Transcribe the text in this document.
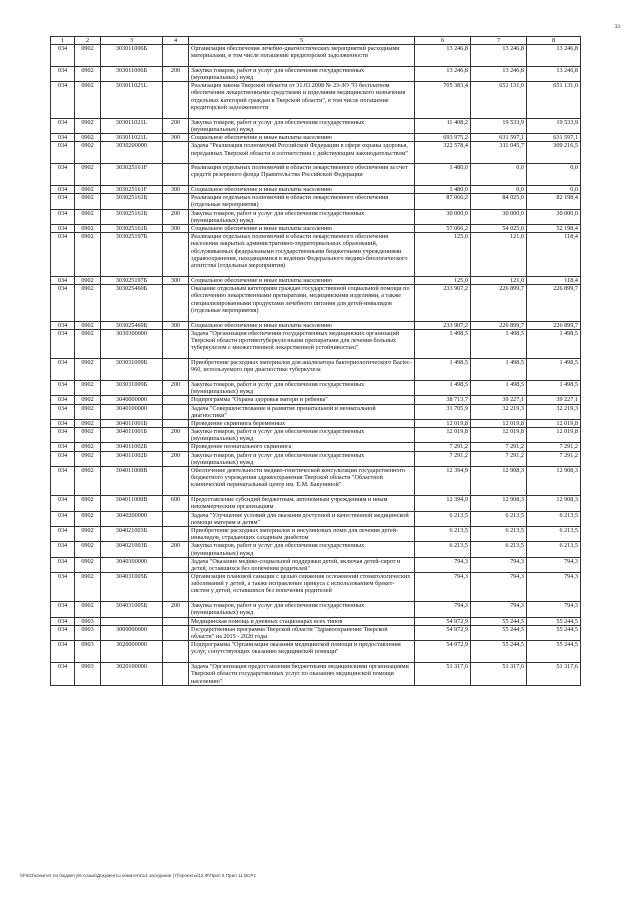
33
1	2	3	4	5	6	7	8
034	0902	303011006Б		Организация обеспечения лечебно-диагностических мероприятий расходными материалами, в том числе погашение кредиторской задолженности	13 246,8	13 246,8	13 246,8
034	0902	303011006Б	200	Закупка товаров, работ и услуг для обеспечения государственных (муниципальных) нужд	13 246,8	13 246,8	13 246,8
034	0902	303011021L		Реализация закона Тверской области от 31.03.2008 № 23-ЗО "О бесплатном обеспечении лекарственными средствами и изделиями медицинского назначения отдельных категорий граждан в Тверской области", в том числе погашение кредиторской задолженности	705 383,4	651 131,0	651 131,0
034	0902	303011021L	200	Закупка товаров, работ и услуг для обеспечения государственных (муниципальных) нужд	11 408,2	19 533,9	19 533,9
034	0902	303011021L	300	Социальное обеспечение и иные выплаты населению	693 975,2	631 597,1	631 597,1
034	0902	3030200000		Задача "Реализация полномочий Российской Федерации в сфере охраны здоровья, переданных Тверской области в соответствии с действующим законодательством"	322 578,4	311 045,7	309 216,5
034	0902	303025161F		Реализация отдельных полномочий в области лекарственного обеспечения за счет средств резервного фонда Правительства Российской Федерации	1 480,0	0,0	0,0
034	0902	303025161F	300	Социальное обеспечение и иные выплаты населению	1 480,0	0,0	0,0
034	0902	303025161Б		Реализация отдельных полномочий в области лекарственного обеспечения (отдельные мероприятия)	87 066,2	84 025,0	82 198,4
034	0902	303025161Б	200	Закупка товаров, работ и услуг для обеспечения государственных (муниципальных) нужд	30 000,0	30 000,0	30 000,0
034	0902	303025161Б	300	Социальное обеспечение и иные выплаты населению	57 066,2	54 025,0	52 198,4
034	0902	303025197Б		Реализация отдельных полномочий в области лекарственного обеспечения населения закрытых административно-территориальных образований, обслуживаемых федеральными государственными бюджетными учреждениями здравоохранения, находящимися в ведении Федерального медико-биологического агентства (отдельные мероприятия)	125,0	121,0	118,4
034	0902	303025197Б	300	Социальное обеспечение и иные выплаты населению	125,0	121,0	118,4
034	0902	303025460Б		Оказание отдельным категориям граждан государственной социальной помощи по обеспечению лекарственными препаратами, медицинскими изделиями, а также специализированными продуктами лечебного питания для детей-инвалидов (отдельные мероприятия)	233 907,2	226 899,7	226 899,7
034	0902	303025460Б	300	Социальное обеспечение и иные выплаты населению	233 907,2	226 899,7	226 899,7
034	0902	3030300000		Задача "Организация обеспечения государственных медицинских организаций Тверской области противотуберкулезными препаратами для лечения больных туберкулезом с множественной лекарственной устойчивостью"	1 498,5	1 498,5	1 498,5
034	0902	303031009Б		Приобретение расходных материалов для анализатора бактериологического Bactec-960, используемого при диагностике туберкулеза	1 498,5	1 498,5	1 498,5
034	0902	303031009Б	200	Закупка товаров, работ и услуг для обеспечения государственных (муниципальных) нужд	1 498,5	1 498,5	1 498,5
034	0902	3040000000		Подпрограмма "Охрана здоровья матери и ребенка"	38 713,7	39 227,1	39 227,1
034	0902	3040100000		Задача "Совершенствование и развитие пренатальной и неонатальной диагностики"	31 705,9	32 219,3	32 219,3
034	0902	304011001Б		Проведение скрининга беременных	12 019,8	12 019,8	12 019,8
034	0902	304011001Б	200	Закупка товаров, работ и услуг для обеспечения государственных (муниципальных) нужд	12 019,8	12 019,8	12 019,8
034	0902	304011002Б		Проведение неонатального скрининга	7 291,2	7 291,2	7 291,2
034	0902	304011002Б	200	Закупка товаров, работ и услуг для обеспечения государственных (муниципальных) нужд	7 291,2	7 291,2	7 291,2
034	0902	304011008В		Обеспечение деятельности медико-генетической консультации государственного бюджетного учреждения здравоохранения Тверской области "Областной клинический перинатальный центр им. Е.М. Бакуниной"	12 394,9	12 908,3	12 908,3
034	0902	304011008В	600	Предоставление субсидий бюджетным, автономным учреждениям и иным некоммерческим организациям	12 394,9	12 908,3	12 908,3
034	0902	3040200000		Задача "Улучшение условий для оказания доступной и качественной медицинской помощи матерям и детям"	6 213,5	6 213,5	6 213,5
034	0902	304021003Б		Приобретение расходных материалов и инсулиновых помп для лечения детей-инвалидов, страдающих сахарным диабетом	6 213,5	6 213,5	6 213,5
034	0902	304021003Б	200	Закупка товаров, работ и услуг для обеспечения государственных (муниципальных) нужд	6 213,5	6 213,5	6 213,5
034	0902	3040300000		Задача "Оказание медико-социальной поддержки детей, включая детей-сирот и детей, оставшихся без попечения родителей"	794,3	794,3	794,3
034	0902	304031005Б		Организация плановой санации с целью снижения осложнений стоматологических заболеваний у детей, а также исправление прикуса с использованием брекет-систем у детей, оставшихся без попечения родителей	794,3	794,3	794,3
034	0902	304031005Б	200	Закупка товаров, работ и услуг для обеспечения государственных (муниципальных) нужд	794,3	794,3	794,3
034	0903			Медицинская помощь в дневных стационарах всех типов	54 972,9	55 244,5	55 244,5
034	0903	3000000000		Государственная программа Тверской области "Здравоохранение Тверской области" на 2015 - 2020 годы	54 972,9	55 244,5	55 244,5
034	0903	3020000000		Подпрограмма "Организация оказания медицинской помощи и предоставления услуг, сопутствующих оказанию медицинской помощи"	54 972,9	55 244,5	55 244,5
034	0903	3020100000		Задача "Организация предоставления бюджетными медицинскими организациями Тверской области государственных услуг по оказанию медицинской помощи населению"	51 317,6	51 317,6	51 317,6
\\FS03\комитет по бюджету\6 созыв\Документы комитета\14 заседание (7)\проекты\12 Ф\Прил 5 Прил 11 ВСР1
